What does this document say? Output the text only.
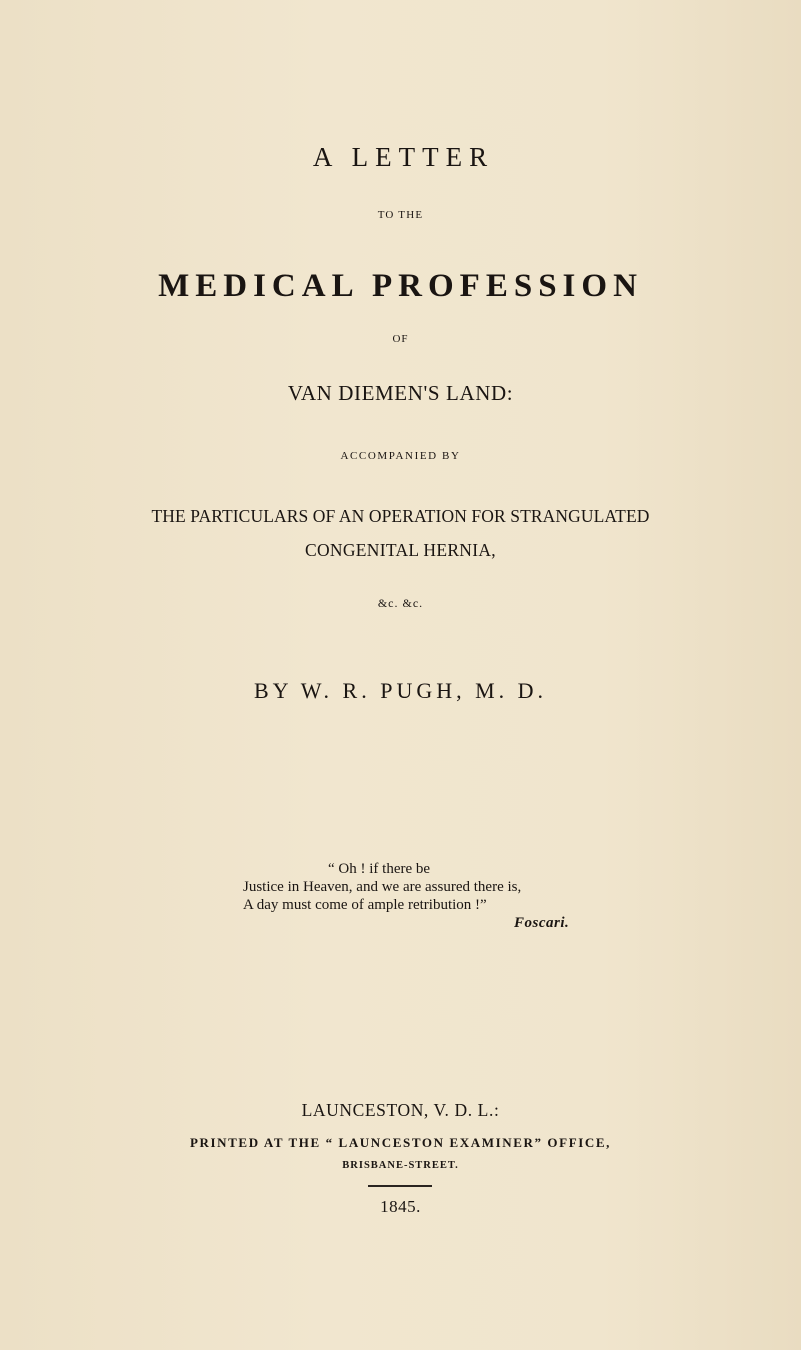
A LETTER
TO THE
MEDICAL PROFESSION
OF
VAN DIEMEN'S LAND:
ACCOMPANIED BY
THE PARTICULARS OF AN OPERATION FOR STRANGULATED
CONGENITAL HERNIA,
&c. &c.
BY W. R. PUGH, M. D.
“ Oh ! if there be
Justice in Heaven, and we are assured there is,
A day must come of ample retribution !”
Foscari.
LAUNCESTON, V. D. L.:
PRINTED AT THE “ LAUNCESTON EXAMINER” OFFICE,
BRISBANE-STREET.
1845.
